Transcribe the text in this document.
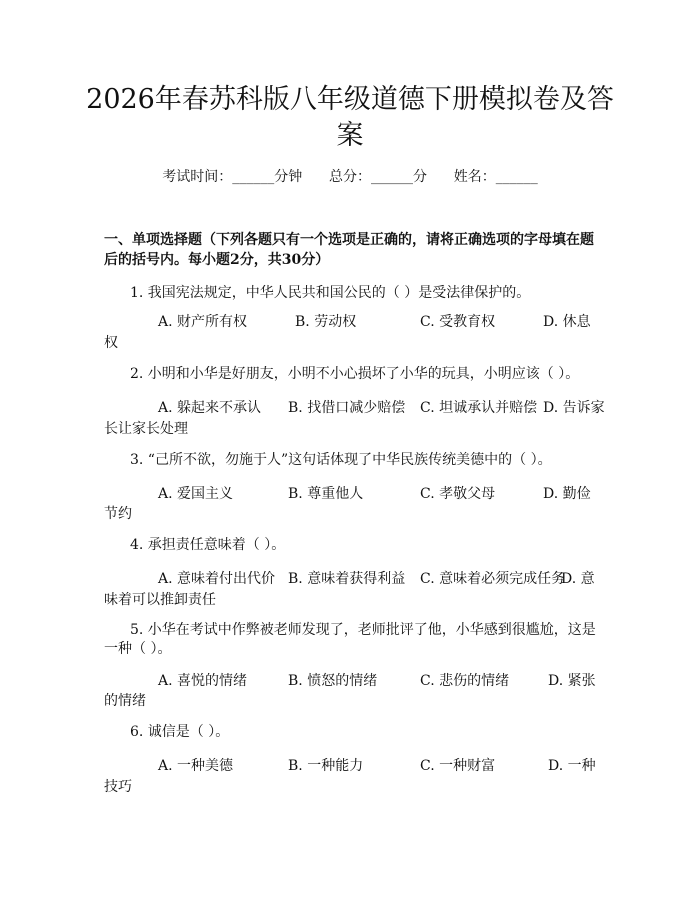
2026年春苏科版八年级道德下册模拟卷及答
案
考试时间：______分钟      总分：______分      姓名：______
一、单项选择题（下列各题只有一个选项是正确的，请将正确选项的字母填在题
后的括号内。每小题2分，共30分）
1. 我国宪法规定，中华人民共和国公民的（ ）是受法律保护的。
A. 财产所有权	B. 劳动权	C. 受教育权	D. 休息
权
2. 小明和小华是好朋友，小明不小心损坏了小华的玩具，小明应该（ ）。
A. 躲起来不承认 B. 找借口减少赔偿 C. 坦诚承认并赔偿 D. 告诉家
长让家长处理
3. “己所不欲，勿施于人”这句话体现了中华民族传统美德中的（ ）。
A. 爱国主义	B. 尊重他人	C. 孝敬父母	D. 勤俭
节约
4. 承担责任意味着（ ）。
A. 意味着付出代价 B. 意味着获得利益 C. 意味着必须完成任务
D. 意
味着可以推卸责任
5. 小华在考试中作弊被老师发现了，老师批评了他，小华感到很尴尬，这是
一种（ ）。
A. 喜悦的情绪	B. 愤怒的情绪	C. 悲伤的情绪	D. 紧张
的情绪
6. 诚信是（ ）。
A. 一种美德	B. 一种能力	C. 一种财富	D. 一种
技巧
